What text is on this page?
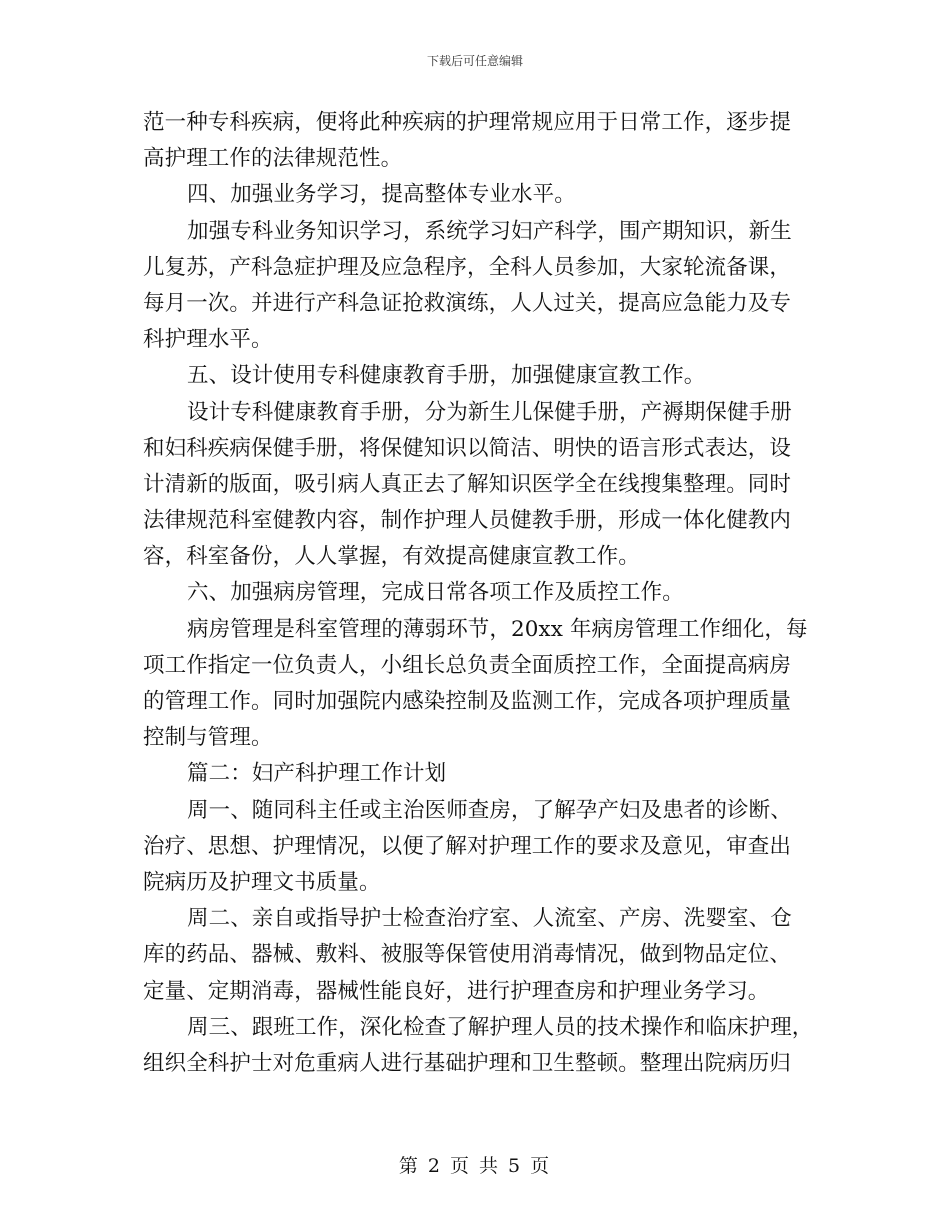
下载后可任意编辑
范一种专科疾病，便将此种疾病的护理常规应用于日常工作，逐步提
高护理工作的法律规范性。
四、加强业务学习，提高整体专业水平。
加强专科业务知识学习，系统学习妇产科学，围产期知识，新生
儿复苏，产科急症护理及应急程序，全科人员参加，大家轮流备课，
每月一次。并进行产科急证抢救演练，人人过关，提高应急能力及专
科护理水平。
五、设计使用专科健康教育手册，加强健康宣教工作。
设计专科健康教育手册，分为新生儿保健手册，产褥期保健手册
和妇科疾病保健手册，将保健知识以简洁、明快的语言形式表达，设
计清新的版面，吸引病人真正去了解知识医学全在线搜集整理。同时
法律规范科室健教内容，制作护理人员健教手册，形成一体化健教内
容，科室备份，人人掌握，有效提高健康宣教工作。
六、加强病房管理，完成日常各项工作及质控工作。
病房管理是科室管理的薄弱环节，20xx 年病房管理工作细化，每
项工作指定一位负责人，小组长总负责全面质控工作，全面提高病房
的管理工作。同时加强院内感染控制及监测工作，完成各项护理质量
控制与管理。
篇二：妇产科护理工作计划
周一、随同科主任或主治医师查房，了解孕产妇及患者的诊断、
治疗、思想、护理情况，以便了解对护理工作的要求及意见，审查出
院病历及护理文书质量。
周二、亲自或指导护士检查治疗室、人流室、产房、洗婴室、仓
库的药品、器械、敷料、被服等保管使用消毒情况，做到物品定位、
定量、定期消毒，器械性能良好，进行护理查房和护理业务学习。
周三、跟班工作，深化检查了解护理人员的技术操作和临床护理，
组织全科护士对危重病人进行基础护理和卫生整顿。整理出院病历归
第 2 页 共 5 页
